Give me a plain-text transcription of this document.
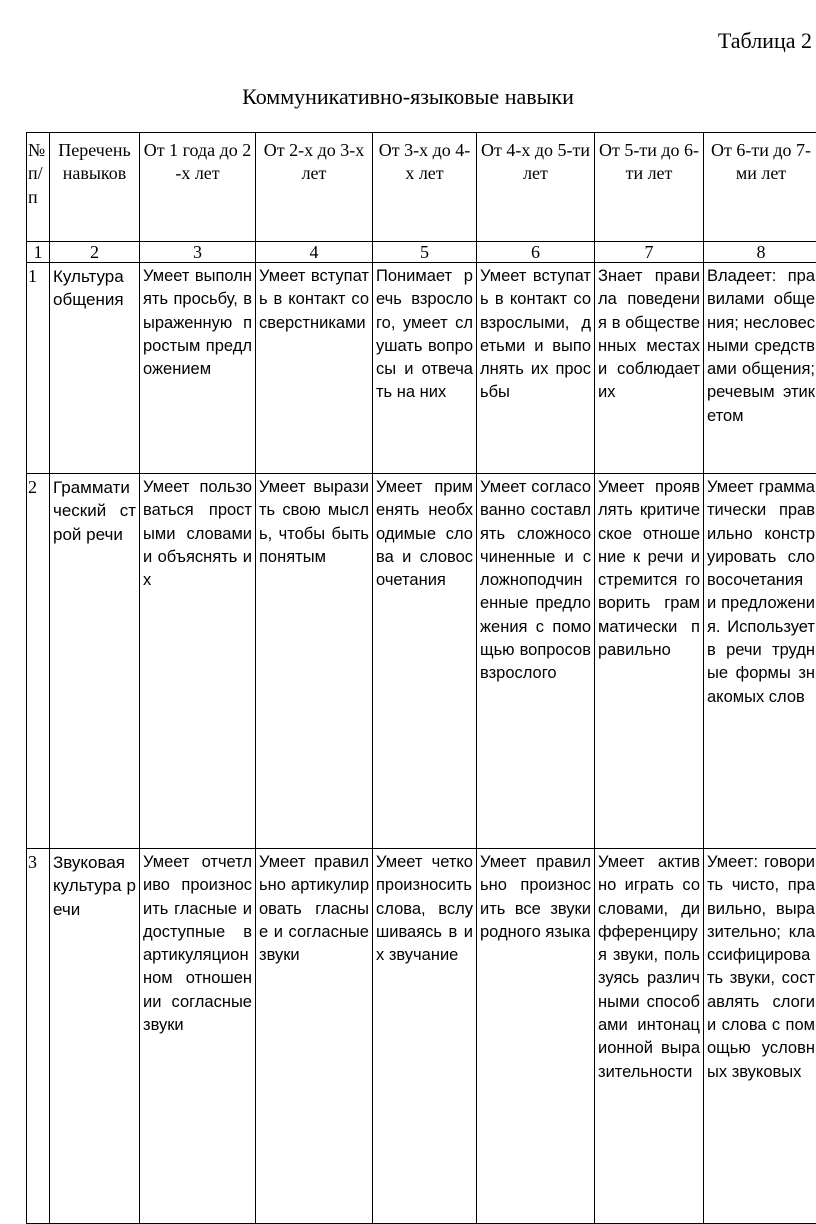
Таблица 2
Коммуникативно-языковые навыки
№ п/п	Перечень навыков	От 1 года до 2-х лет	От 2-х до 3-х лет	От 3-х до 4-х лет	От 4-х до 5-ти лет	От 5-ти до 6-ти лет	От 6-ти до 7-ми лет
1	2	3	4	5	6	7	8
1	Культура общения	Умеет выполнять просьбу, выраженную простым предложением	Умеет вступать в контакт со сверстниками	Понимает речь взрослого, умеет слушать вопросы и отвечать на них	Умеет вступать в контакт со взрослыми, детьми и выполнять их просьбы	Знает правила поведения в общественных местах и соблюдает их	Владеет: правилами общения; несловесными средствами общения; речевым этикетом
2	Грамматический строй речи	Умеет пользоваться простыми словами и объяснять их	Умеет выразить свою мысль, чтобы быть понятым	Умеет применять необходимые слова и словосочетания	Умеет согласованно составлять сложносочиненные и сложноподчиненные предложения с помощью вопросов взрослого	Умеет проявлять критическое отношение к речи и стремится говорить грамматически правильно	Умеет грамматически правильно конструировать словосочетания и предложения. Использует в речи трудные формы знакомых слов
3	Звуковая культура речи	Умеет отчетливо произносить гласные и доступные в артикуляционном отношении согласные звуки	Умеет правильно артикулировать гласные и согласные звуки	Умеет четко произносить слова, вслушиваясь в их звучание	Умеет правильно произносить все звуки родного языка	Умеет активно играть со словами, дифференцируя звуки, пользуясь различными способами интонационной выразительности	Умеет: говорить чисто, правильно, выразительно; классифицировать звуки, составлять слоги и слова с помощью условных звуковых
